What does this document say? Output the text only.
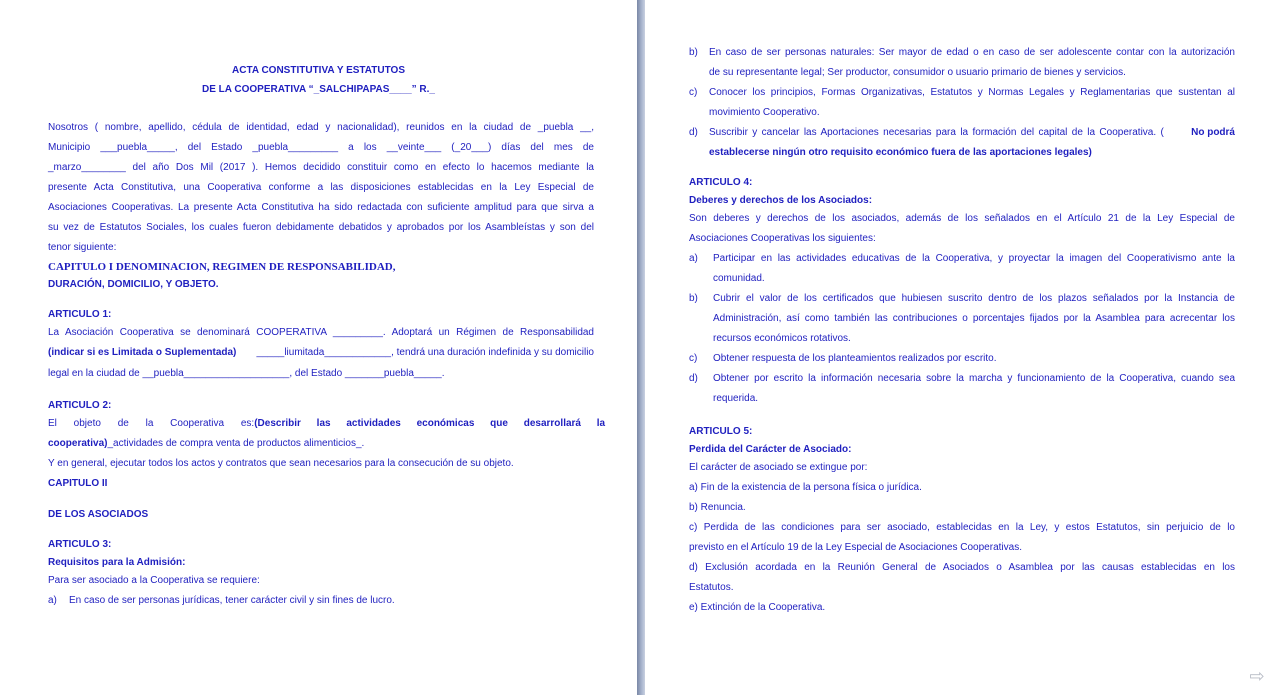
ACTA CONSTITUTIVA Y ESTATUTOS
DE LA COOPERATIVA “_SALCHIPAPAS____” R._
Nosotros ( nombre, apellido, cédula de identidad, edad y nacionalidad), reunidos en la ciudad de _puebla __,
Municipio ___puebla_____, del Estado _puebla_________ a los __veinte___ (_20___) días del mes de
_marzo________ del año Dos Mil (2017 ). Hemos decidido constituir como en efecto lo hacemos mediante la
presente Acta Constitutiva, una Cooperativa conforme a las disposiciones establecidas en la Ley Especial de
Asociaciones Cooperativas. La presente Acta Constitutiva ha sido redactada con suficiente amplitud para que sirva a
su vez de Estatutos Sociales, los cuales fueron debidamente debatidos y aprobados por los Asambleístas y son del
tenor siguiente:
CAPITULO I DENOMINACION, REGIMEN DE RESPONSABILIDAD,
DURACIÓN, DOMICILIO, Y OBJETO.
ARTICULO 1:
La Asociación Cooperativa se denominará COOPERATIVA _________. Adoptará un Régimen de Responsabilidad
(indicar si es Limitada o Suplementada) _____liumitada____________, tendrá una duración indefinida y su domicilio
legal en la ciudad de __puebla___________________, del Estado _______puebla_____.
ARTICULO 2:
El objeto de la Cooperativa es: (Describir las actividades económicas que desarrollará la
cooperativa)_actividades de compra venta de productos alimenticios_.
Y en general, ejecutar todos los actos y contratos que sean necesarios para la consecución de su objeto.
CAPITULO II
DE LOS ASOCIADOS
ARTICULO 3:
Requisitos para la Admisión:
Para ser asociado a la Cooperativa se requiere:
a) En caso de ser personas jurídicas, tener carácter civil y sin fines de lucro.
b) En caso de ser personas naturales: Ser mayor de edad o en caso de ser adolescente contar con la autorización
de su representante legal; Ser productor, consumidor o usuario primario de bienes y servicios.
c) Conocer los principios, Formas Organizativas, Estatutos y Normas Legales y Reglamentarias que sustentan al
movimiento Cooperativo.
d) Suscribir y cancelar las Aportaciones necesarias para la formación del capital de la Cooperativa. (	No podrá
establecerse ningún otro requisito económico fuera de las aportaciones legales)
ARTICULO 4:
Deberes y derechos de los Asociados:
Son deberes y derechos de los asociados, además de los señalados en el Artículo 21 de la Ley Especial de
Asociaciones Cooperativas los siguientes:
a) Participar en las actividades educativas de la Cooperativa, y proyectar la imagen del Cooperativismo ante la
comunidad.
b) Cubrir el valor de los certificados que hubiesen suscrito dentro de los plazos señalados por la Instancia de
Administración, así como también las contribuciones o porcentajes fijados por la Asamblea para acrecentar los
recursos económicos rotativos.
c) Obtener respuesta de los planteamientos realizados por escrito.
d) Obtener por escrito la información necesaria sobre la marcha y funcionamiento de la Cooperativa, cuando sea
requerida.
ARTICULO 5:
Perdida del Carácter de Asociado:
El carácter de asociado se extingue por:
a) Fin de la existencia de la persona física o jurídica.
b) Renuncia.
c) Perdida de las condiciones para ser asociado, establecidas en la Ley, y estos Estatutos, sin perjuicio de lo
previsto en el Artículo 19 de la Ley Especial de Asociaciones Cooperativas.
d) Exclusión acordada en la Reunión General de Asociados o Asamblea por las causas establecidas en los
Estatutos.
e) Extinción de la Cooperativa.
⇨
